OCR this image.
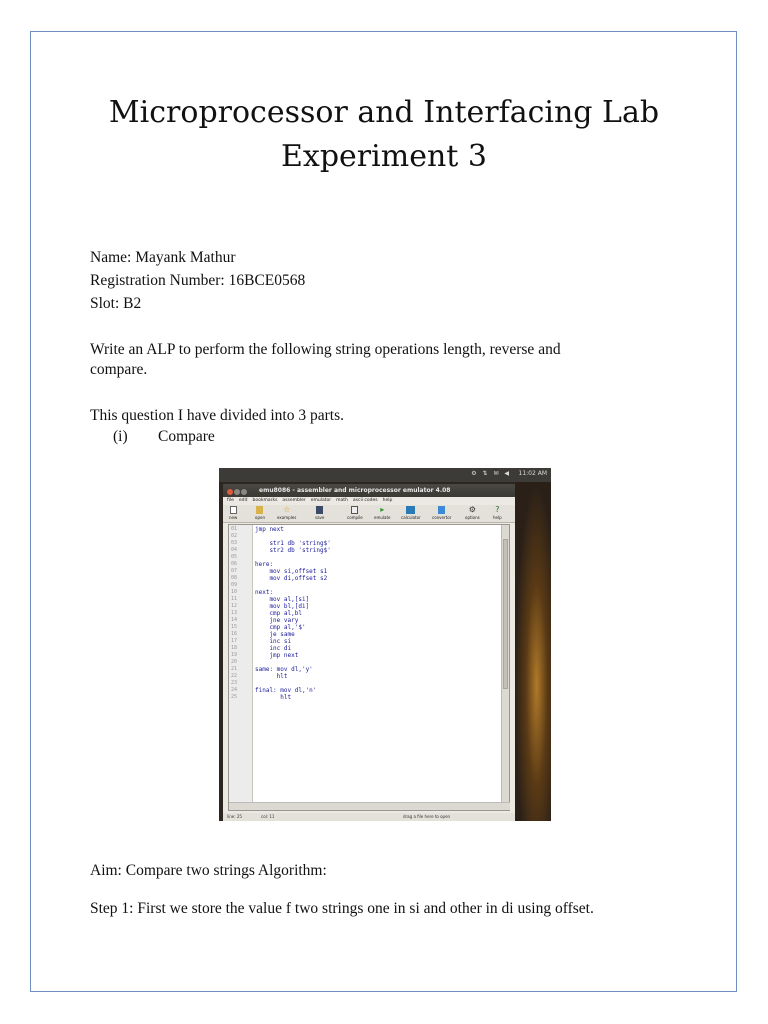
Microprocessor and Interfacing Lab
Experiment 3
Name: Mayank Mathur
Registration Number: 16BCE0568
Slot: B2
Write an ALP to perform the following string operations length, reverse and
compare.
This question I have divided into 3 parts.
(i) Compare
⚙ ⇅ ✉ ◀ 11:02 AM
emu8086 - assembler and microprocessor emulator 4.08
file edit bookmarks assembler emulator math ascii codes help
new	open
☆
examples	save	compile
▸
emulate	calculator	convertor
⚙
options
?
help
01
02
03
04
05
06
07
08
09
10
11
12
13
14
15
16
17
18
19
20
21
22
23
24
25
jmp next

str1 db 'string$'
str2 db 'string$'

here:
mov si,offset s1
mov di,offset s2

next:
mov al,[si]
mov bl,[di]
cmp al,bl
jne vary
cmp al,'$'
je same
inc si
inc di
jmp next

same: mov dl,'y'
hlt

final: mov dl,'n'
hlt
line: 25	col: 11	drag a file here to open
Aim: Compare two strings Algorithm:
Step 1: First we store the value f two strings one in si and other in di using offset.
